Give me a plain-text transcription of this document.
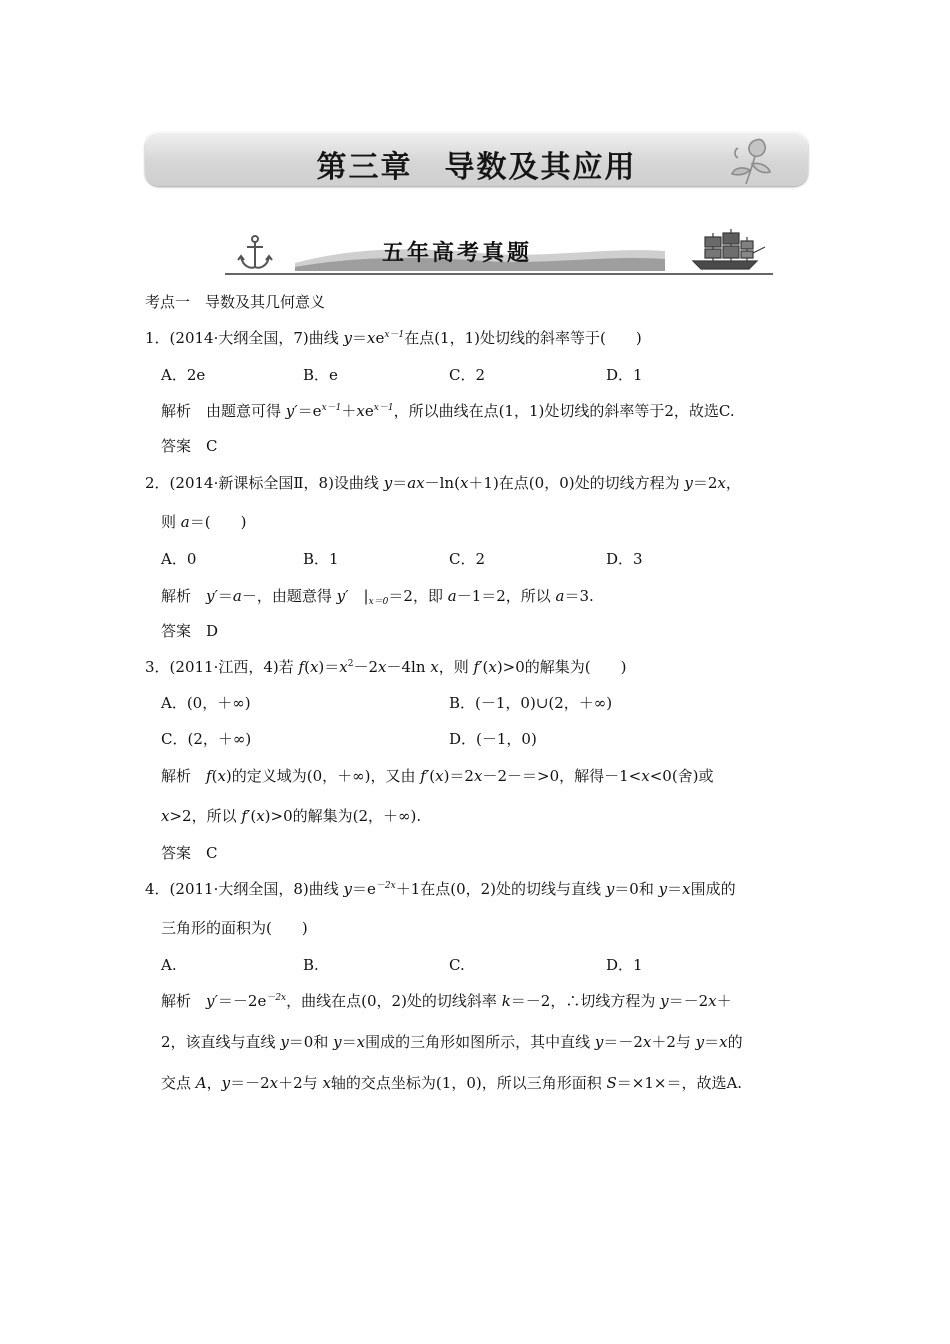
第三章　导数及其应用
五年高考真题
考点一　导数及其几何意义
1．(2014·大纲全国，7)曲线 $y=xe^{x-1}$在点(1，1)处切线的斜率等于(　　)
A．2e	B．e	C．2	D．1
解析　由题意可得 $y'=e^{x-1}+xe^{x-1}$，所以曲线在点(1，1)处切线的斜率等于2，故选C.
答案　C
2．(2014·新课标全国Ⅱ，8)设曲线 y＝ax－ln(x＋1)在点(0，0)处的切线方程为 y＝2x，
则 a＝(　　)
A．0	B．1	C．2	D．3
解析　y′＝a－，由题意得 y′　$|_{x=0}=2$，即 a－1＝2，所以 a＝3.
答案　D
3．(2011·江西，4)若 $f(x)=x^2-2x-4\ln$ x，则 f′(x)>0的解集为(　　)
A．(0，＋∞)	B．(－1，0)∪(2，＋∞)
C．(2，＋∞)	D．(－1，0)
解析　f(x)的定义域为(0，＋∞)，又由 f′(x)＝2x－2－＝>0，解得－1<x<0(舍)或
x>2，所以 f′(x)>0的解集为(2，＋∞).
答案　C
4．(2011·大纲全国，8)曲线 $y=e^{-2x}+1$在点(0，2)处的切线与直线 y＝0和 y＝x围成的
三角形的面积为(　　)
A.	B.	C.	D．1
解析　$y'=-2e^{-2x}$，曲线在点(0，2)处的切线斜率 k＝－2，∴切线方程为 y＝－2x＋
2，该直线与直线 y＝0和 y＝x围成的三角形如图所示，其中直线 y＝－2x＋2与 y＝x的
交点 A，y＝－2x＋2与 x轴的交点坐标为(1，0)，所以三角形面积 S＝×1×＝，故选A.
